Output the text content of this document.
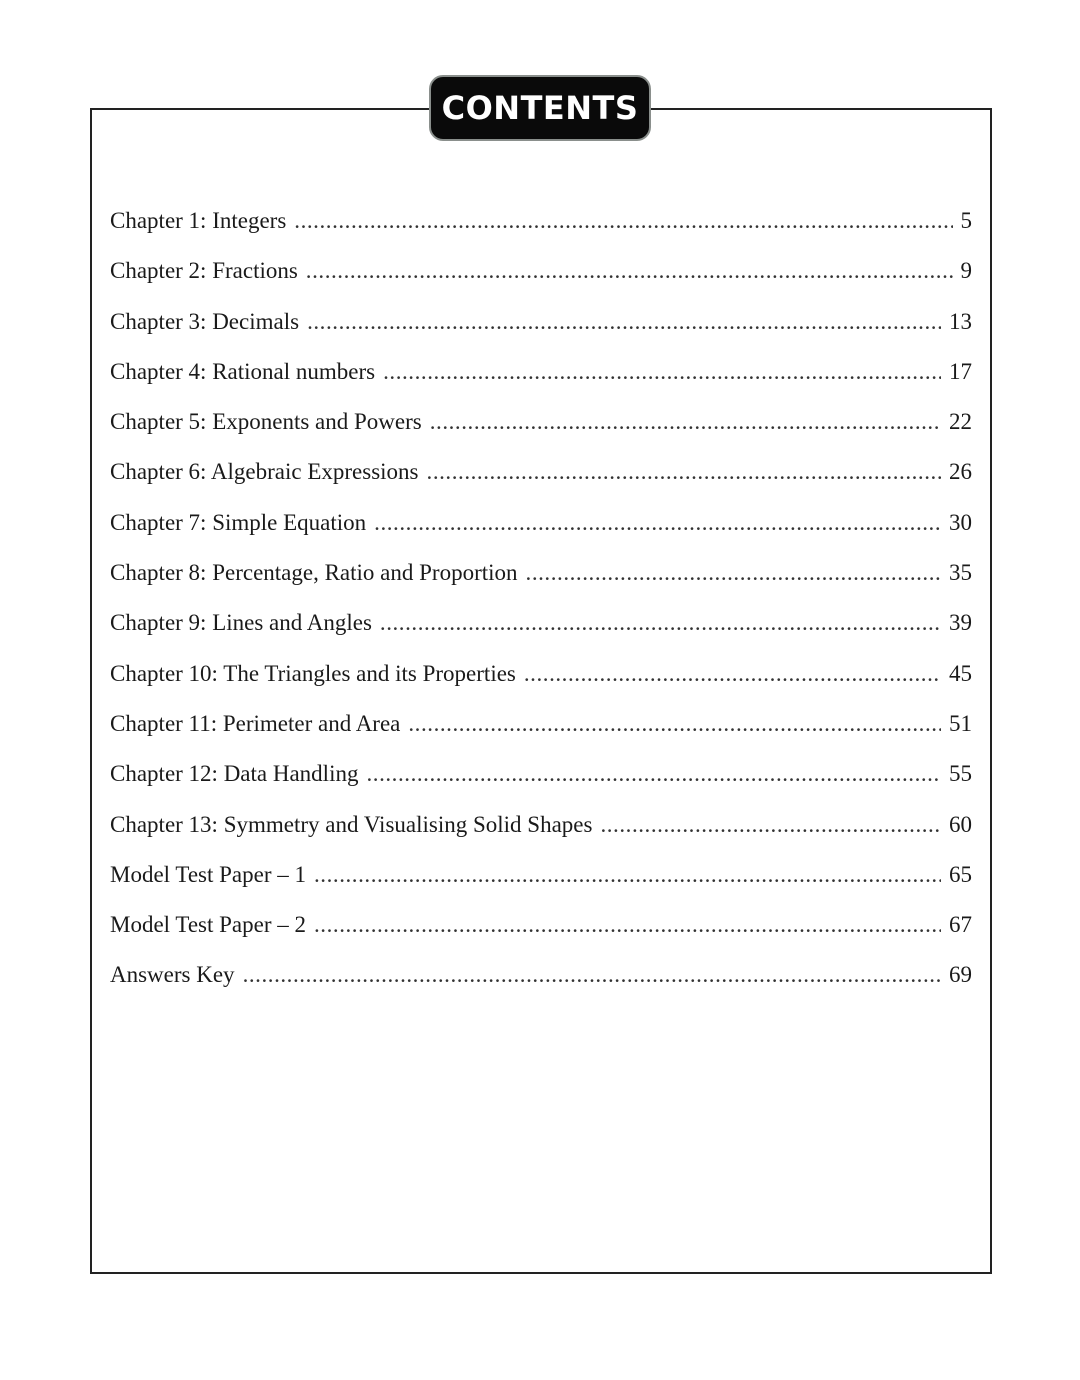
CONTENTS
Chapter 1: Integers . . .	5
Chapter 2: Fractions . . .	9
Chapter 3: Decimals . . .	13
Chapter 4: Rational numbers . . .	17
Chapter 5: Exponents and Powers . . .	22
Chapter 6: Algebraic Expressions . . .	26
Chapter 7: Simple Equation . . .	30
Chapter 8: Percentage, Ratio and Proportion . . .	35
Chapter 9: Lines and Angles . . .	39
Chapter 10: The Triangles and its Properties . . .	45
Chapter 11: Perimeter and Area . . .	51
Chapter 12: Data Handling . . .	55
Chapter 13: Symmetry and Visualising Solid Shapes . . .	60
Model Test Paper – 1 . . .	65
Model Test Paper – 2 . . .	67
Answers Key . . .	69
